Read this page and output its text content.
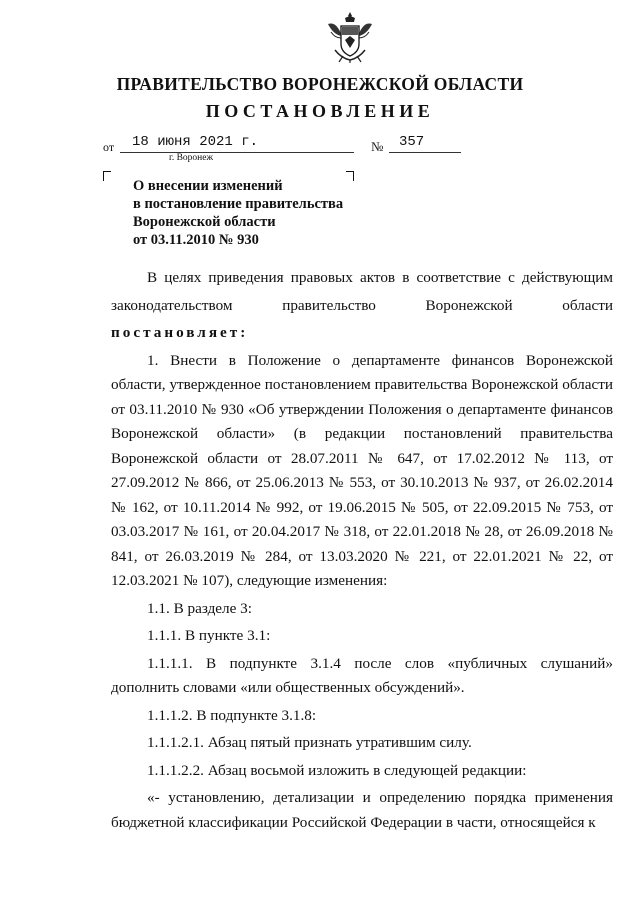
ПРАВИТЕЛЬСТВО ВОРОНЕЖСКОЙ ОБЛАСТИ
ПОСТАНОВЛЕНИЕ
от 18 июня 2021 г.	№ 357
г. Воронеж
О внесении изменений
в постановление правительства
Воронежской области
от 03.11.2010 № 930
В целях приведения правовых актов в соответствие с действующим
законодательством правительство Воронежской области
постановляет:

1. Внести в Положение о департаменте финансов Воронежской области, утвержденное постановлением правительства Воронежской области от 03.11.2010 № 930 «Об утверждении Положения о департаменте финансов Воронежской области» (в редакции постановлений правительства Воронежской области от 28.07.2011 № 647, от 17.02.2012 № 113, от 27.09.2012 № 866, от 25.06.2013 № 553, от 30.10.2013 № 937, от 26.02.2014 № 162, от 10.11.2014 № 992, от 19.06.2015 № 505, от 22.09.2015 № 753, от 03.03.2017 № 161, от 20.04.2017 № 318, от 22.01.2018 № 28, от 26.09.2018 № 841, от 26.03.2019 № 284, от 13.03.2020 № 221, от 22.01.2021 № 22, от 12.03.2021 № 107), следующие изменения:

1.1. В разделе 3:

1.1.1. В пункте 3.1:

1.1.1.1. В подпункте 3.1.4 после слов «публичных слушаний» дополнить словами «или общественных обсуждений».

1.1.1.2. В подпункте 3.1.8:

1.1.1.2.1. Абзац пятый признать утратившим силу.

1.1.1.2.2. Абзац восьмой изложить в следующей редакции:

«- установлению, детализации и определению порядка применения бюджетной классификации Российской Федерации в части, относящейся к
